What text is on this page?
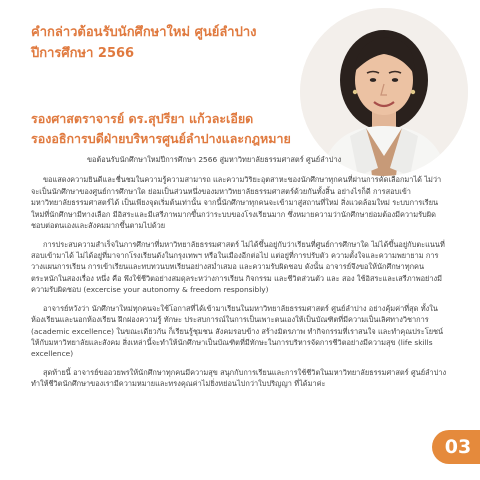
คำกล่าวต้อนรับนักศึกษาใหม่ ศูนย์ลำปาง
ปีการศึกษา 2566
รองศาสตราจารย์ ดร.สุปรียา แก้วละเอียด
รองอธิการบดีฝ่ายบริหารศูนย์ลำปางและกฎหมาย

ขอต้อนรับนักศึกษาใหม่ปีการศึกษา 2566 สู่มหาวิทยาลัยธรรมศาสตร์ ศูนย์ลำปาง

ขอแสดงความยินดีและชื่นชมในความรู้ความสามารถ และความวิริยะอุตสาหะของนักศึกษาทุกคนที่ผ่านการคัดเลือกมาได้ ไม่ว่าจะเป็นนักศึกษาของศูนย์การศึกษาใด ย่อมเป็นส่วนหนึ่งของมหาวิทยาลัยธรรมศาสตร์ด้วยกันทั้งสิ้น อย่างไรก็ดี การสอบเข้ามหาวิทยาลัยธรรมศาสตร์ได้ เป็นเพียงจุดเริ่มต้นเท่านั้น จากนี้นักศึกษาทุกคนจะเข้ามาสู่สถานที่ใหม่ สิ่งแวดล้อมใหม่ ระบบการเรียนใหม่ที่นักศึกษามีทางเลือก มีอิสระและมีเสรีภาพมากขึ้นกว่าระบบของโรงเรียนมาก ซึ่งหมายความว่านักศึกษาย่อมต้องมีความรับผิดชอบต่อตนเองและสังคมมากขึ้นตามไปด้วย

การประสบความสำเร็จในการศึกษาที่มหาวิทยาลัยธรรมศาสตร์ ไม่ได้ขึ้นอยู่กับว่าเรียนที่ศูนย์การศึกษาใด ไม่ได้ขึ้นอยู่กับตะแนนที่สอบเข้ามาได้ ไม่ได้อยู่ที่มาจากโรงเรียนดังในกรุงเทพฯ หรือในเมืองอีกต่อไป แต่อยู่ที่การปรับตัว ความตั้งใจและความพยายาม การวางแผนการเรียน การเข้าเรียนและทบทวนบทเรียนอย่างสม่ำเสมอ และความรับผิดชอบ ดังนั้น อาจารย์จึงขอให้นักศึกษาทุกคนตระหนักในสองเรื่อง หนึ่ง คือ พึงใช้ชีวิตอย่างสมดุลระหว่างการเรียน กิจกรรม และชีวิตส่วนตัว และ สอง ใช้อิสระและเสรีภาพอย่างมีความรับผิดชอบ (excercise your autonomy & freedom responsibly)

อาจารย์หวังว่า นักศึกษาใหม่ทุกคนจะใช้โอกาสที่ได้เข้ามาเรียนในมหาวิทยาลัยธรรมศาสตร์ ศูนย์ลำปาง อย่างคุ้มค่าที่สุด ทั้งในห้องเรียนและนอกห้องเรียน ฝึกฝองความรู้ ทักษะ ประสบการณ์ในการเป็นเพาะตนเองให้เป็นบัณฑิตที่มีความเป็นเลิศทางวิชาการ (academic excellence) ในขณะเดียวกัน ก็เรียนรู้ชุมชน สังคมรอบข้าง สร้างมิตรภาพ ทำกิจกรรมที่เราสนใจ และทำคุณประโยชน์ให้กับมหาวิทยาลัยและสังคม สิ่งเหล่านี้จะทำให้นักศึกษาเป็นบัณฑิตที่มีทักษะในการบริหารจัดการชีวิตอย่างมีความสุข (life skills excellence)

สุดท้ายนี้ อาจารย์ขออวยพรให้นักศึกษาทุกคนมีความสุข สนุกกับการเรียนและการใช้ชีวิตในมหาวิทยาลัยธรรมศาสตร์ ศูนย์ลำปาง ทำให้ชีวิตนักศึกษาของเรามีความหมายและทรงคุณค่าไม่ยิ่งหย่อนไปกว่าใบปริญญา ที่ได้มาค่ะ

03
